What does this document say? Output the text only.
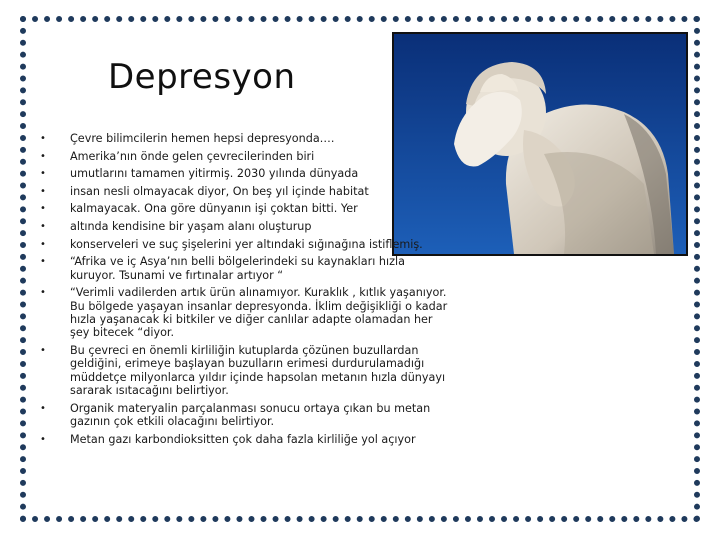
Depresyon
• Çevre bilimcilerin hemen hepsi depresyonda….
• Amerika’nın önde gelen çevrecilerinden biri
• umutlarını tamamen yitirmiş. 2030 yılında dünyada
• insan nesli olmayacak diyor, On beş yıl içinde habitat
• kalmayacak. Ona göre dünyanın işi çoktan bitti. Yer
• altında kendisine bir yaşam alanı oluşturup
• konserveleri ve suç şişelerini yer altındaki sığınağına istiflemiş.
• “Afrika ve iç Asya’nın belli bölgelerindeki su kaynakları hızla
kuruyor. Tsunami ve fırtınalar artıyor “
• “Verimli vadilerden artık ürün alınamıyor. Kuraklık , kıtlık yaşanıyor.
Bu bölgede yaşayan insanlar depresyonda. İklim değişikliği o kadar
hızla yaşanacak ki bitkiler ve diğer canlılar adapte olamadan her
şey bitecek “diyor.
• Bu çevreci en önemli kirliliğin kutuplarda çözünen buzullardan
geldiğini, erimeye başlayan buzulların erimesi durdurulamadığı
müddetçe milyonlarca yıldır içinde hapsolan metanın hızla dünyayı
sararak ısıtacağını belirtiyor.
• Organik materyalin parçalanması sonucu ortaya çıkan bu metan
gazının çok etkili olacağını belirtiyor.
• Metan gazı karbondioksitten çok daha fazla kirliliğe yol açıyor
